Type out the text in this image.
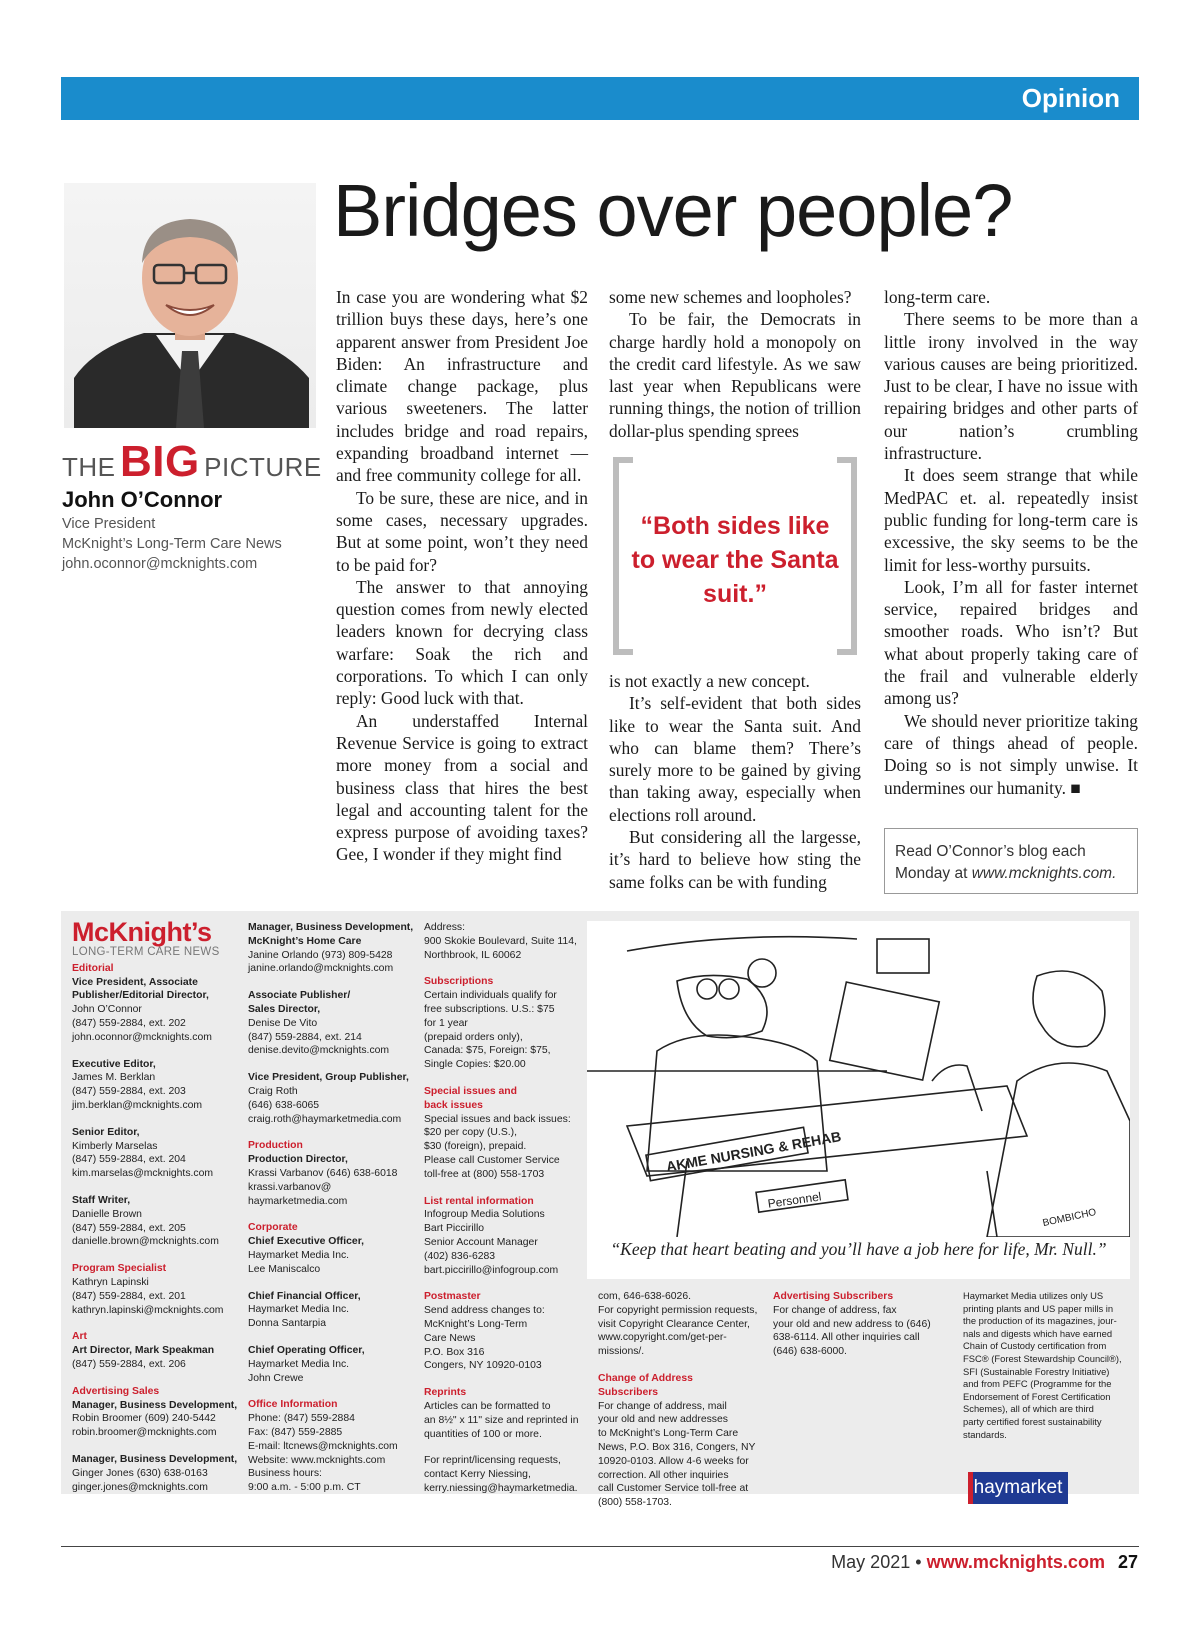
Opinion
THE BIG PICTURE
John O’Connor
Vice President
McKnight’s Long-Term Care News
john.oconnor@mcknights.com
Bridges over people?

In case you are wondering what $2 trillion buys these days, here’s one apparent answer from President Joe Biden: An infrastructure and climate change package, plus various sweeteners. The latter includes bridge and road repairs, expanding broadband internet — and free community college for all.

To be sure, these are nice, and in some cases, necessary upgrades. But at some point, won’t they need to be paid for?

The answer to that annoying question comes from newly elected leaders known for decrying class warfare: Soak the rich and corporations. To which I can only reply: Good luck with that.

An understaffed Internal Revenue Service is going to extract more money from a social and business class that hires the best legal and accounting talent for the express purpose of avoiding taxes? Gee, I wonder if they might find

some new schemes and loopholes?

To be fair, the Democrats in charge hardly hold a monopoly on the credit card lifestyle. As we saw last year when Republicans were running things, the notion of trillion dollar-plus spending sprees

“Both sides like to wear the Santa suit.”

is not exactly a new concept.

It’s self-evident that both sides like to wear the Santa suit. And who can blame them? There’s surely more to be gained by giving than taking away, especially when elections roll around.

But considering all the largesse, it’s hard to believe how sting the same folks can be with funding

long-term care.

There seems to be more than a little irony involved in the way various causes are being prioritized. Just to be clear, I have no issue with repairing bridges and other parts of our nation’s crumbling infrastructure.

It does seem strange that while MedPAC et. al. repeatedly insist public funding for long-term care is excessive, the sky seems to be the limit for less-worthy pursuits.

Look, I’m all for faster internet service, repaired bridges and smoother roads. Who isn’t? But what about properly taking care of the frail and vulnerable elderly among us?

We should never prioritize taking care of things ahead of people. Doing so is not simply unwise. It undermines our humanity. ■

Read O’Connor’s blog each Monday at www.mcknights.com.
McKnight’s
LONG-TERM CARE NEWS
Editorial
Vice President, Associate Publisher/Editorial Director,
John O’Connor
(847) 559-2884, ext. 202
john.oconnor@mcknights.com
Executive Editor,
James M. Berklan
(847) 559-2884, ext. 203
jim.berklan@mcknights.com
Senior Editor,
Kimberly Marselas
(847) 559-2884, ext. 204
kim.marselas@mcknights.com
Staff Writer,
Danielle Brown
(847) 559-2884, ext. 205
danielle.brown@mcknights.com
Program Specialist
Kathryn Lapinski
(847) 559-2884, ext. 201
kathryn.lapinski@mcknights.com
Art
Art Director, Mark Speakman
(847) 559-2884, ext. 206
Advertising Sales
Manager, Business Development,
Robin Broomer (609) 240-5442
robin.broomer@mcknights.com
Manager, Business Development,
Ginger Jones (630) 638-0163
ginger.jones@mcknights.com
Manager, Business Development,
McKnight’s Home Care
Janine Orlando (973) 809-5428
janine.orlando@mcknights.com
Associate Publisher/
Sales Director,
Denise De Vito
(847) 559-2884, ext. 214
denise.devito@mcknights.com
Vice President, Group Publisher,
Craig Roth
(646) 638-6065
craig.roth@haymarketmedia.com
Production
Production Director,
Krassi Varbanov (646) 638-6018
krassi.varbanov@
haymarketmedia.com
Corporate
Chief Executive Officer,
Haymarket Media Inc.
Lee Maniscalco
Chief Financial Officer,
Haymarket Media Inc.
Donna Santarpia
Chief Operating Officer,
Haymarket Media Inc.
John Crewe
Office Information
Phone: (847) 559-2884
Fax: (847) 559-2885
E-mail: ltcnews@mcknights.com
Website: www.mcknights.com
Business hours:
9:00 a.m. - 5:00 p.m. CT
Address:
900 Skokie Boulevard, Suite 114,
Northbrook, IL 60062
Subscriptions
Certain individuals qualify for
free subscriptions. U.S.: $75
for 1 year
(prepaid orders only),
Canada: $75, Foreign: $75,
Single Copies: $20.00
Special issues and
back issues
Special issues and back issues:
$20 per copy (U.S.),
$30 (foreign), prepaid.
Please call Customer Service
toll-free at (800) 558-1703
List rental information
Infogroup Media Solutions
Bart Piccirillo
Senior Account Manager
(402) 836-6283
bart.piccirillo@infogroup.com
Postmaster
Send address changes to:
McKnight’s Long-Term
Care News
P.O. Box 316
Congers, NY 10920-0103
Reprints
Articles can be formatted to
an 8½" x 11" size and reprinted in
quantities of 100 or more.
For reprint/licensing requests,
contact Kerry Niessing,
kerry.niessing@haymarketmedia.
com, 646-638-6026.
For copyright permission requests,
visit Copyright Clearance Center,
www.copyright.com/get-per-
missions/.
Change of Address
Subscribers
For change of address, mail
your old and new addresses
to McKnight’s Long-Term Care
News, P.O. Box 316, Congers, NY
10920-0103. Allow 4-6 weeks for
correction. All other inquiries
call Customer Service toll-free at
(800) 558-1703.
Advertising Subscribers
For change of address, fax
your old and new address to (646)
638-6114. All other inquiries call
(646) 638-6000.
Haymarket Media utilizes only US
printing plants and US paper mills in
the production of its magazines, jour-
nals and digests which have earned
Chain of Custody certification from
FSC® (Forest Stewardship Council®),
SFI (Sustainable Forestry Initiative)
and from PEFC (Programme for the
Endorsement of Forest Certification
Schemes), all of which are third
party certified forest sustainability
standards.
haymarket
AKME NURSING & REHAB
Personnel
BOMBICHO
“Keep that heart beating and you’ll have a job here for life, Mr. Null.”
May 2021 • www.mcknights.com 27
